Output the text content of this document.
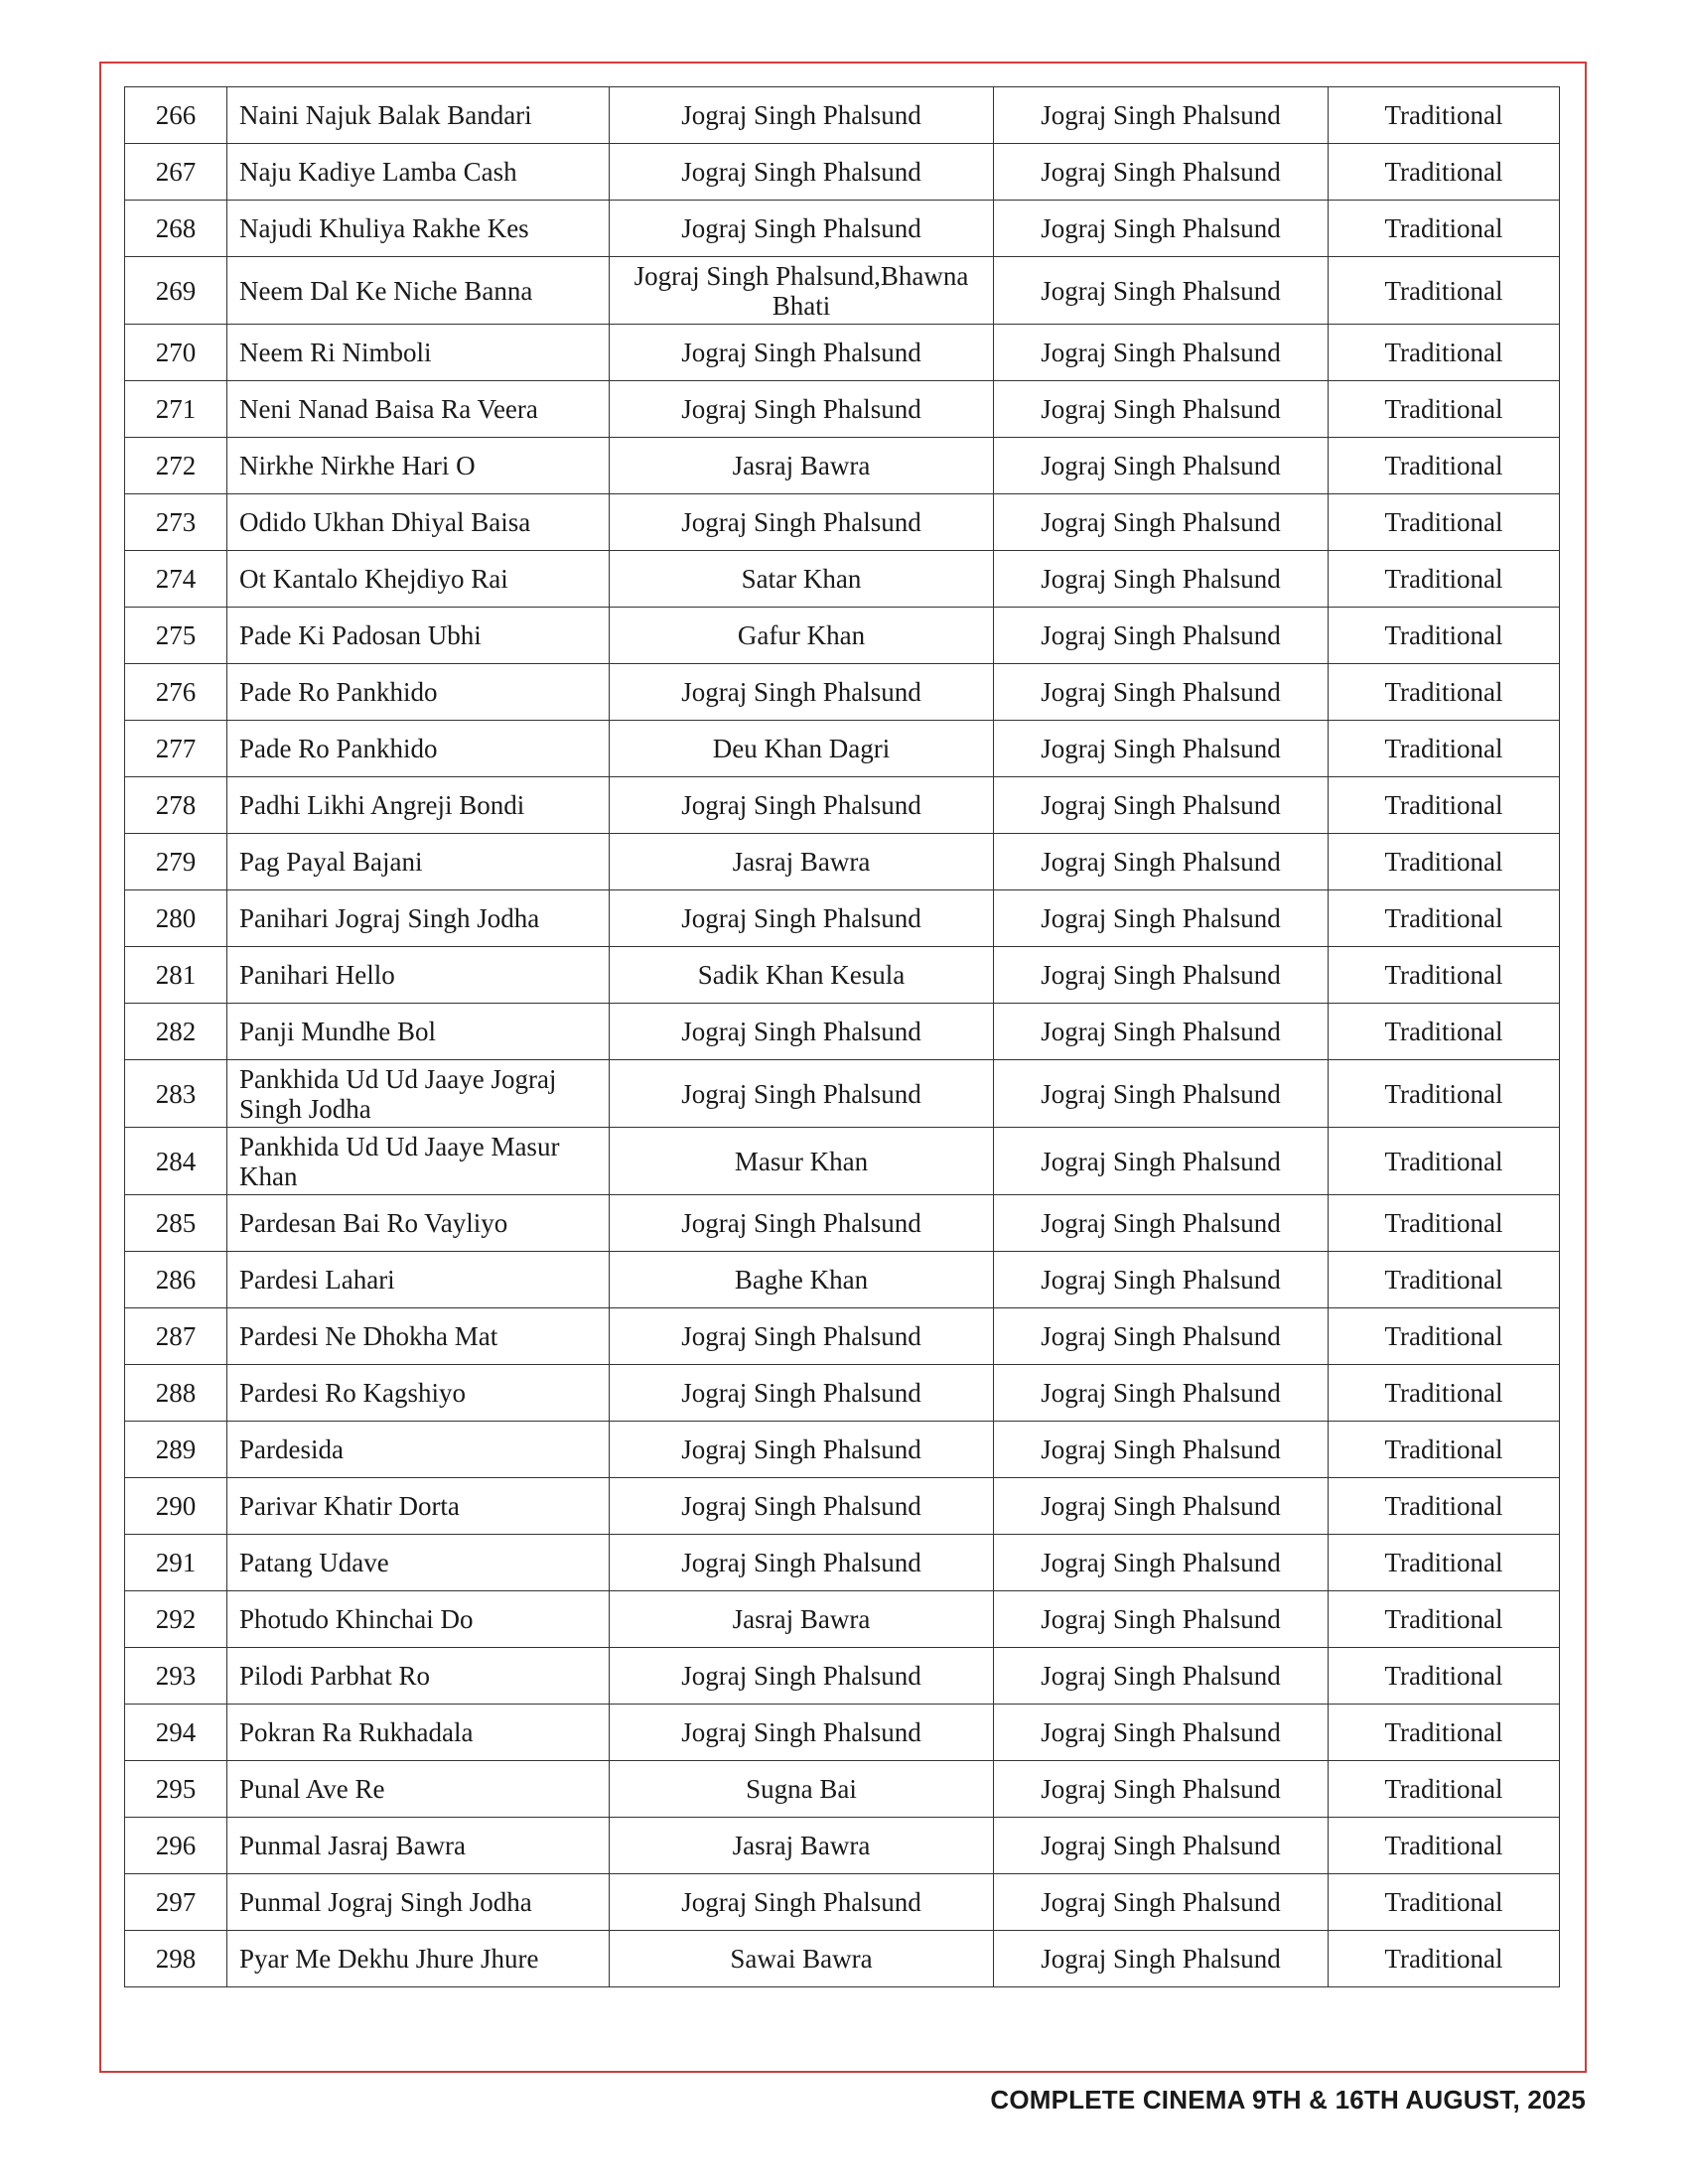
266	Naini Najuk Balak Bandari	Jograj Singh Phalsund	Jograj Singh Phalsund	Traditional
267	Naju Kadiye Lamba Cash	Jograj Singh Phalsund	Jograj Singh Phalsund	Traditional
268	Najudi Khuliya Rakhe Kes	Jograj Singh Phalsund	Jograj Singh Phalsund	Traditional
269	Neem Dal Ke Niche Banna	Jograj Singh Phalsund,Bhawna Bhati	Jograj Singh Phalsund	Traditional
270	Neem Ri Nimboli	Jograj Singh Phalsund	Jograj Singh Phalsund	Traditional
271	Neni Nanad Baisa Ra Veera	Jograj Singh Phalsund	Jograj Singh Phalsund	Traditional
272	Nirkhe Nirkhe Hari O	Jasraj Bawra	Jograj Singh Phalsund	Traditional
273	Odido Ukhan Dhiyal Baisa	Jograj Singh Phalsund	Jograj Singh Phalsund	Traditional
274	Ot Kantalo Khejdiyo Rai	Satar Khan	Jograj Singh Phalsund	Traditional
275	Pade Ki Padosan Ubhi	Gafur Khan	Jograj Singh Phalsund	Traditional
276	Pade Ro Pankhido	Jograj Singh Phalsund	Jograj Singh Phalsund	Traditional
277	Pade Ro Pankhido	Deu Khan Dagri	Jograj Singh Phalsund	Traditional
278	Padhi Likhi Angreji Bondi	Jograj Singh Phalsund	Jograj Singh Phalsund	Traditional
279	Pag Payal Bajani	Jasraj Bawra	Jograj Singh Phalsund	Traditional
280	Panihari Jograj Singh Jodha	Jograj Singh Phalsund	Jograj Singh Phalsund	Traditional
281	Panihari Hello	Sadik Khan Kesula	Jograj Singh Phalsund	Traditional
282	Panji Mundhe Bol	Jograj Singh Phalsund	Jograj Singh Phalsund	Traditional
283	Pankhida Ud Ud Jaaye Jograj Singh Jodha	Jograj Singh Phalsund	Jograj Singh Phalsund	Traditional
284	Pankhida Ud Ud Jaaye Masur Khan	Masur Khan	Jograj Singh Phalsund	Traditional
285	Pardesan Bai Ro Vayliyo	Jograj Singh Phalsund	Jograj Singh Phalsund	Traditional
286	Pardesi Lahari	Baghe Khan	Jograj Singh Phalsund	Traditional
287	Pardesi Ne Dhokha Mat	Jograj Singh Phalsund	Jograj Singh Phalsund	Traditional
288	Pardesi Ro Kagshiyo	Jograj Singh Phalsund	Jograj Singh Phalsund	Traditional
289	Pardesida	Jograj Singh Phalsund	Jograj Singh Phalsund	Traditional
290	Parivar Khatir Dorta	Jograj Singh Phalsund	Jograj Singh Phalsund	Traditional
291	Patang Udave	Jograj Singh Phalsund	Jograj Singh Phalsund	Traditional
292	Photudo Khinchai Do	Jasraj Bawra	Jograj Singh Phalsund	Traditional
293	Pilodi Parbhat Ro	Jograj Singh Phalsund	Jograj Singh Phalsund	Traditional
294	Pokran Ra Rukhadala	Jograj Singh Phalsund	Jograj Singh Phalsund	Traditional
295	Punal Ave Re	Sugna Bai	Jograj Singh Phalsund	Traditional
296	Punmal Jasraj Bawra	Jasraj Bawra	Jograj Singh Phalsund	Traditional
297	Punmal Jograj Singh Jodha	Jograj Singh Phalsund	Jograj Singh Phalsund	Traditional
298	Pyar Me Dekhu Jhure Jhure	Sawai Bawra	Jograj Singh Phalsund	Traditional
COMPLETE CINEMA 9TH & 16TH AUGUST, 2025
